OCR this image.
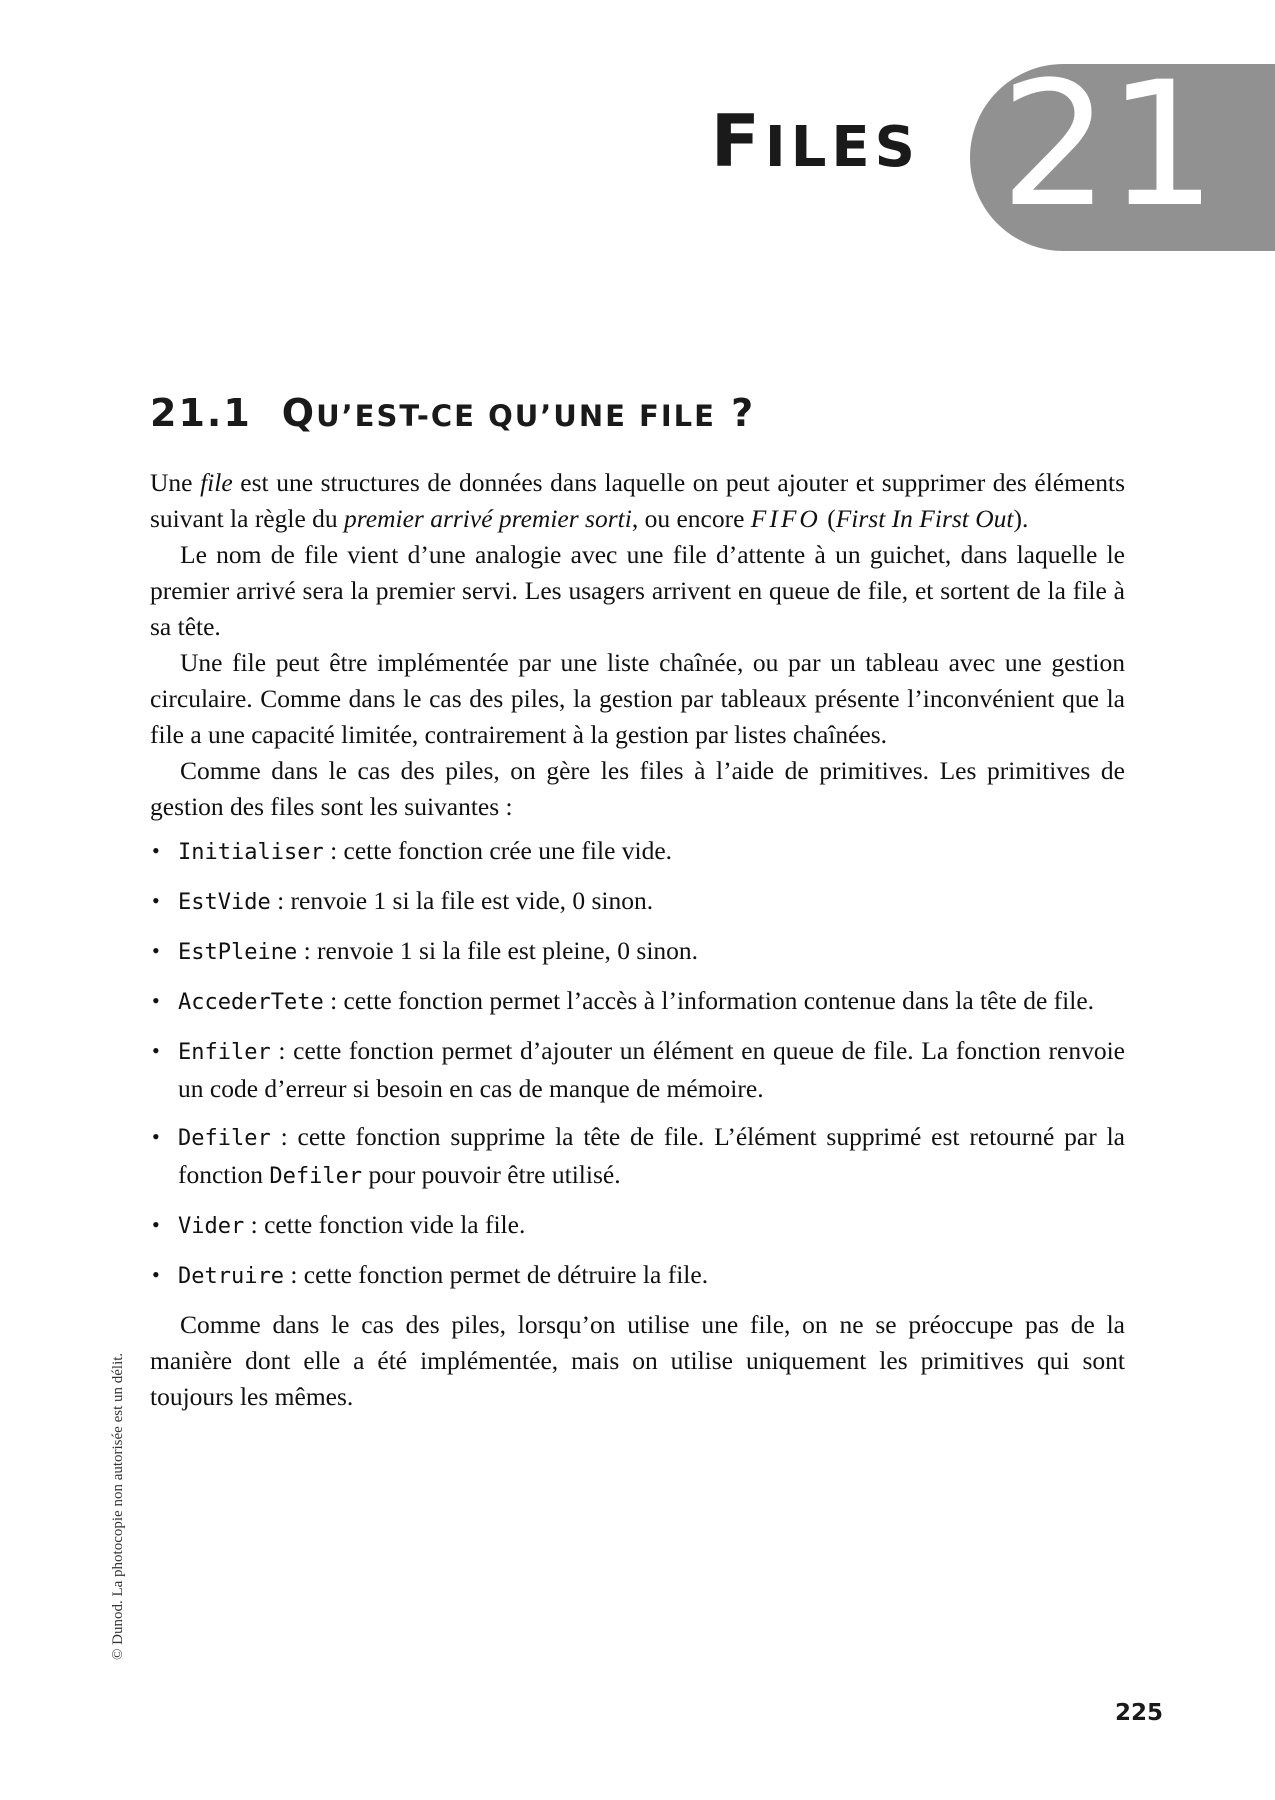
FILES 21
21.1 QU’EST-CE QU’UNE FILE ?

Une file est une structures de données dans laquelle on peut ajouter et supprimer des éléments suivant la règle du premier arrivé premier sorti, ou encore FIFO (First In First Out).

Le nom de file vient d’une analogie avec une file d’attente à un guichet, dans laquelle le premier arrivé sera la premier servi. Les usagers arrivent en queue de file, et sortent de la file à sa tête.

Une file peut être implémentée par une liste chaînée, ou par un tableau avec une gestion circulaire. Comme dans le cas des piles, la gestion par tableaux présente l’inconvénient que la file a une capacité limitée, contrairement à la gestion par listes chaînées.

Comme dans le cas des piles, on gère les files à l’aide de primitives. Les primitives de gestion des files sont les suivantes :

• Initialiser : cette fonction crée une file vide.
• EstVide : renvoie 1 si la file est vide, 0 sinon.
• EstPleine : renvoie 1 si la file est pleine, 0 sinon.
• AccederTete : cette fonction permet l’accès à l’information contenue dans la tête de file.
• Enfiler : cette fonction permet d’ajouter un élément en queue de file. La fonction renvoie un code d’erreur si besoin en cas de manque de mémoire.
• Defiler : cette fonction supprime la tête de file. L’élément supprimé est retourné par la fonction Defiler pour pouvoir être utilisé.
• Vider : cette fonction vide la file.
• Detruire : cette fonction permet de détruire la file.

Comme dans le cas des piles, lorsqu’on utilise une file, on ne se préoccupe pas de la manière dont elle a été implémentée, mais on utilise uniquement les primitives qui sont toujours les mêmes.

© Dunod. La photocopie non autorisée est un délit.
225
